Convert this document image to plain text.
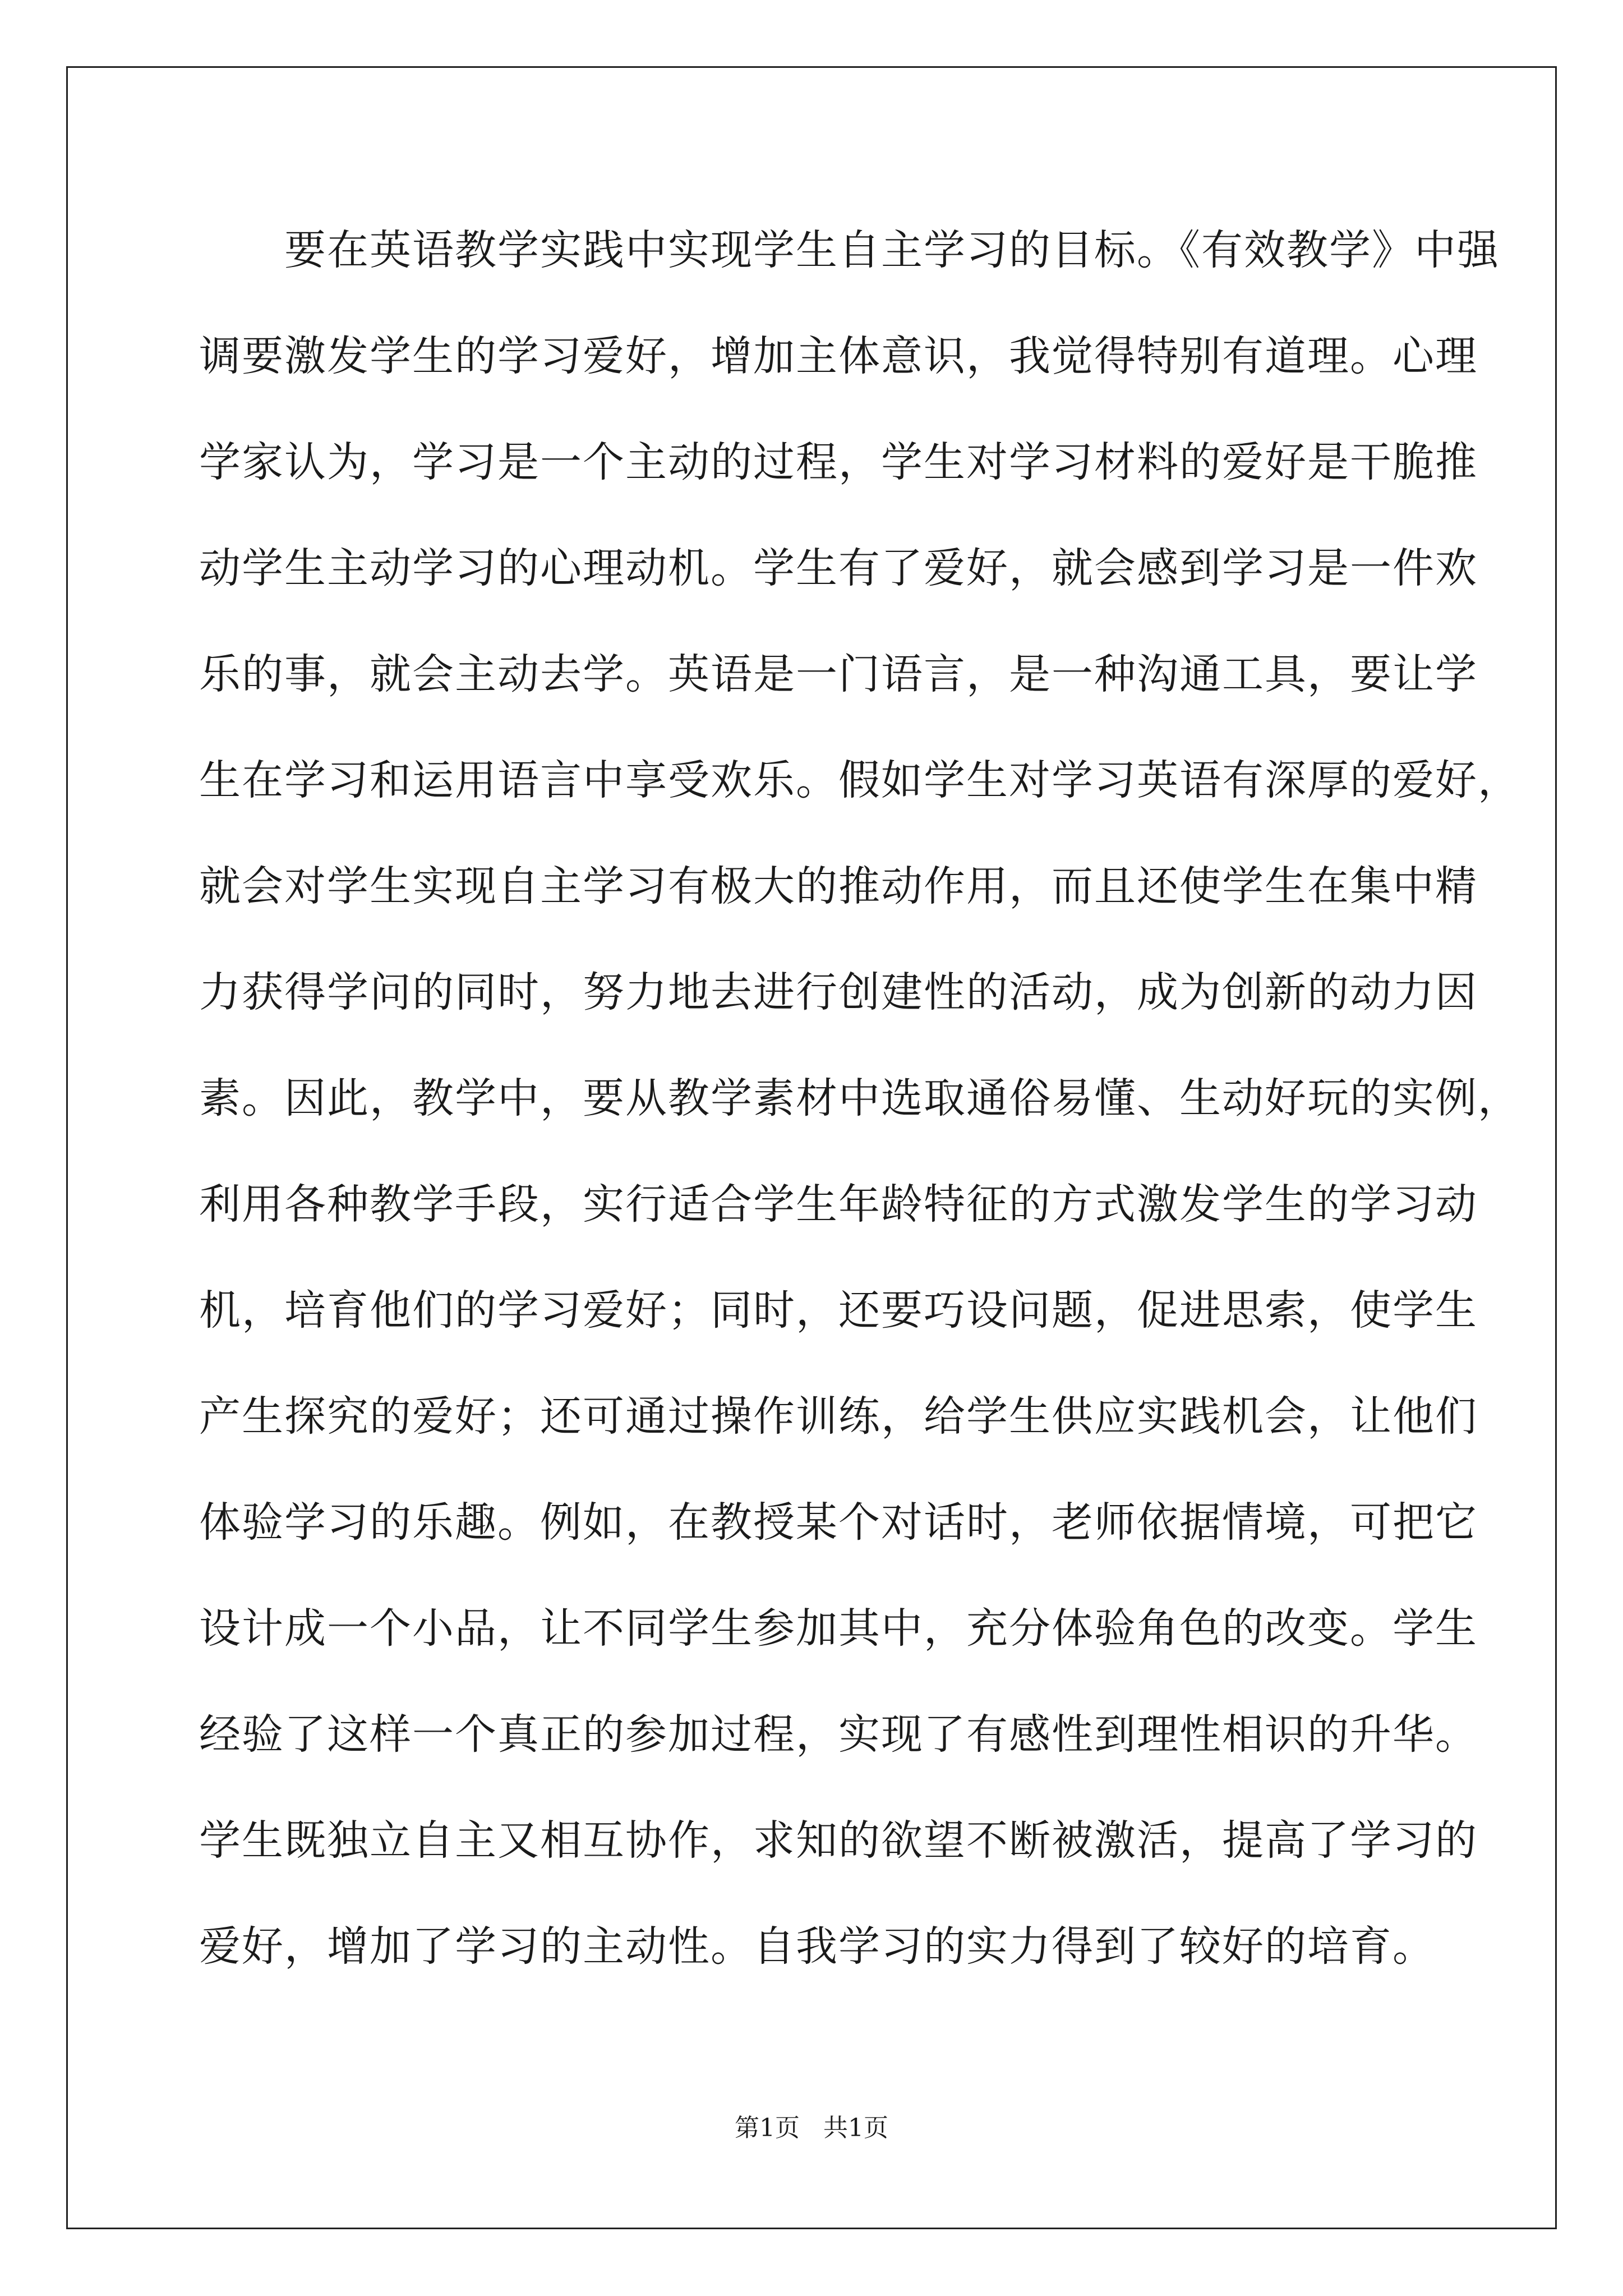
　　要在英语教学实践中实现学生自主学习的目标。《有效教学》中强
调要激发学生的学习爱好，增加主体意识，我觉得特别有道理。心理
学家认为，学习是一个主动的过程，学生对学习材料的爱好是干脆推
动学生主动学习的心理动机。学生有了爱好，就会感到学习是一件欢
乐的事，就会主动去学。英语是一门语言，是一种沟通工具，要让学
生在学习和运用语言中享受欢乐。假如学生对学习英语有深厚的爱好，
就会对学生实现自主学习有极大的推动作用，而且还使学生在集中精
力获得学问的同时，努力地去进行创建性的活动，成为创新的动力因
素。因此，教学中，要从教学素材中选取通俗易懂、生动好玩的实例，
利用各种教学手段，实行适合学生年龄特征的方式激发学生的学习动
机，培育他们的学习爱好；同时，还要巧设问题，促进思索，使学生
产生探究的爱好；还可通过操作训练，给学生供应实践机会，让他们
体验学习的乐趣。例如，在教授某个对话时，老师依据情境，可把它
设计成一个小品，让不同学生参加其中，充分体验角色的改变。学生
经验了这样一个真正的参加过程，实现了有感性到理性相识的升华。
学生既独立自主又相互协作，求知的欲望不断被激活，提高了学习的
爱好，增加了学习的主动性。自我学习的实力得到了较好的培育。
第1页   共1页
